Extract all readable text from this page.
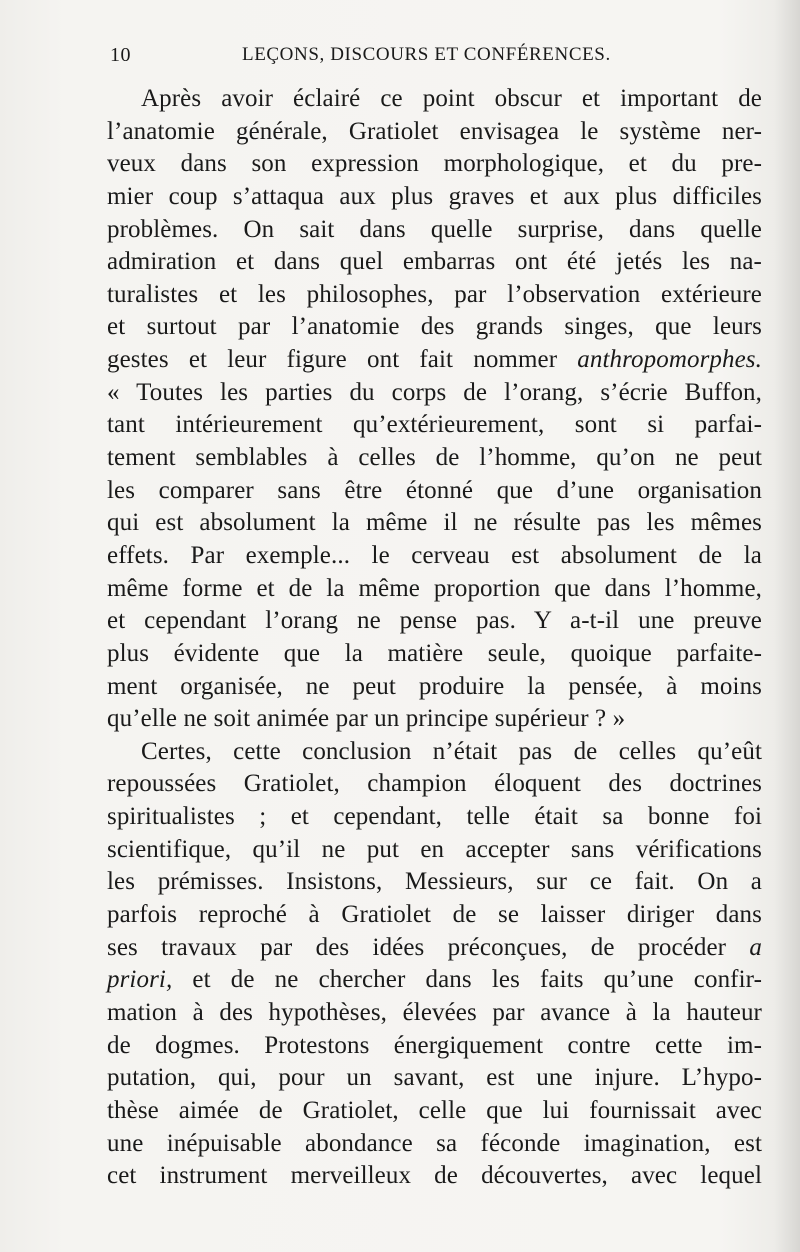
10	LEÇONS, DISCOURS ET CONFÉRENCES.
Après avoir éclairé ce point obscur et important de
l’anatomie générale, Gratiolet envisagea le système ner-
veux dans son expression morphologique, et du pre-
mier coup s’attaqua aux plus graves et aux plus difficiles
problèmes. On sait dans quelle surprise, dans quelle
admiration et dans quel embarras ont été jetés les na-
turalistes et les philosophes, par l’observation extérieure
et surtout par l’anatomie des grands singes, que leurs
gestes et leur figure ont fait nommer anthropomorphes.
« Toutes les parties du corps de l’orang, s’écrie Buffon,
tant intérieurement qu’extérieurement, sont si parfai-
tement semblables à celles de l’homme, qu’on ne peut
les comparer sans être étonné que d’une organisation
qui est absolument la même il ne résulte pas les mêmes
effets. Par exemple... le cerveau est absolument de la
même forme et de la même proportion que dans l’homme,
et cependant l’orang ne pense pas. Y a-t-il une preuve
plus évidente que la matière seule, quoique parfaite-
ment organisée, ne peut produire la pensée, à moins
qu’elle ne soit animée par un principe supérieur ? »
Certes, cette conclusion n’était pas de celles qu’eût
repoussées Gratiolet, champion éloquent des doctrines
spiritualistes ; et cependant, telle était sa bonne foi
scientifique, qu’il ne put en accepter sans vérifications
les prémisses. Insistons, Messieurs, sur ce fait. On a
parfois reproché à Gratiolet de se laisser diriger dans
ses travaux par des idées préconçues, de procéder a
priori, et de ne chercher dans les faits qu’une confir-
mation à des hypothèses, élevées par avance à la hauteur
de dogmes. Protestons énergiquement contre cette im-
putation, qui, pour un savant, est une injure. L’hypo-
thèse aimée de Gratiolet, celle que lui fournissait avec
une inépuisable abondance sa féconde imagination, est
cet instrument merveilleux de découvertes, avec lequel
